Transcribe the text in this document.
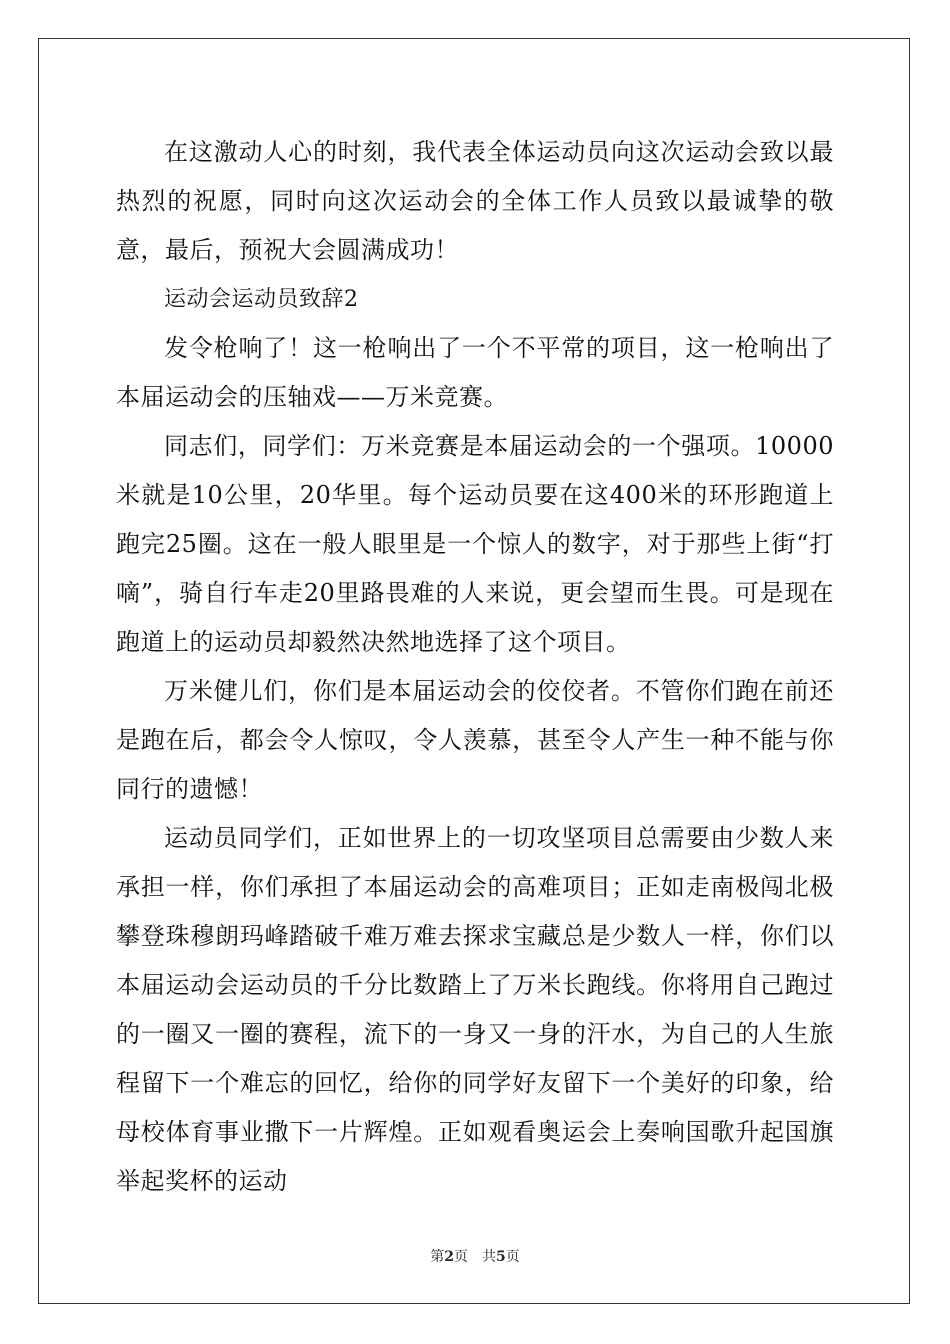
在这激动人心的时刻，我代表全体运动员向这次运动会致以最热烈的祝愿，同时向这次运动会的全体工作人员致以最诚挚的敬意，最后，预祝大会圆满成功！

运动会运动员致辞2

发令枪响了！这一枪响出了一个不平常的项目，这一枪响出了本届运动会的压轴戏——万米竞赛。

同志们，同学们：万米竞赛是本届运动会的一个强项。10000米就是10公里，20华里。每个运动员要在这400米的环形跑道上跑完25圈。这在一般人眼里是一个惊人的数字，对于那些上街“打嘀”，骑自行车走20里路畏难的人来说，更会望而生畏。可是现在跑道上的运动员却毅然决然地选择了这个项目。

万米健儿们，你们是本届运动会的佼佼者。不管你们跑在前还是跑在后，都会令人惊叹，令人羡慕，甚至令人产生一种不能与你同行的遗憾！

运动员同学们，正如世界上的一切攻坚项目总需要由少数人来承担一样，你们承担了本届运动会的高难项目；正如走南极闯北极攀登珠穆朗玛峰踏破千难万难去探求宝藏总是少数人一样，你们以本届运动会运动员的千分比数踏上了万米长跑线。你将用自己跑过的一圈又一圈的赛程，流下的一身又一身的汗水，为自己的人生旅程留下一个难忘的回忆，给你的同学好友留下一个美好的印象，给母校体育事业撒下一片辉煌。正如观看奥运会上奏响国歌升起国旗举起奖杯的运动

第2页 共5页
